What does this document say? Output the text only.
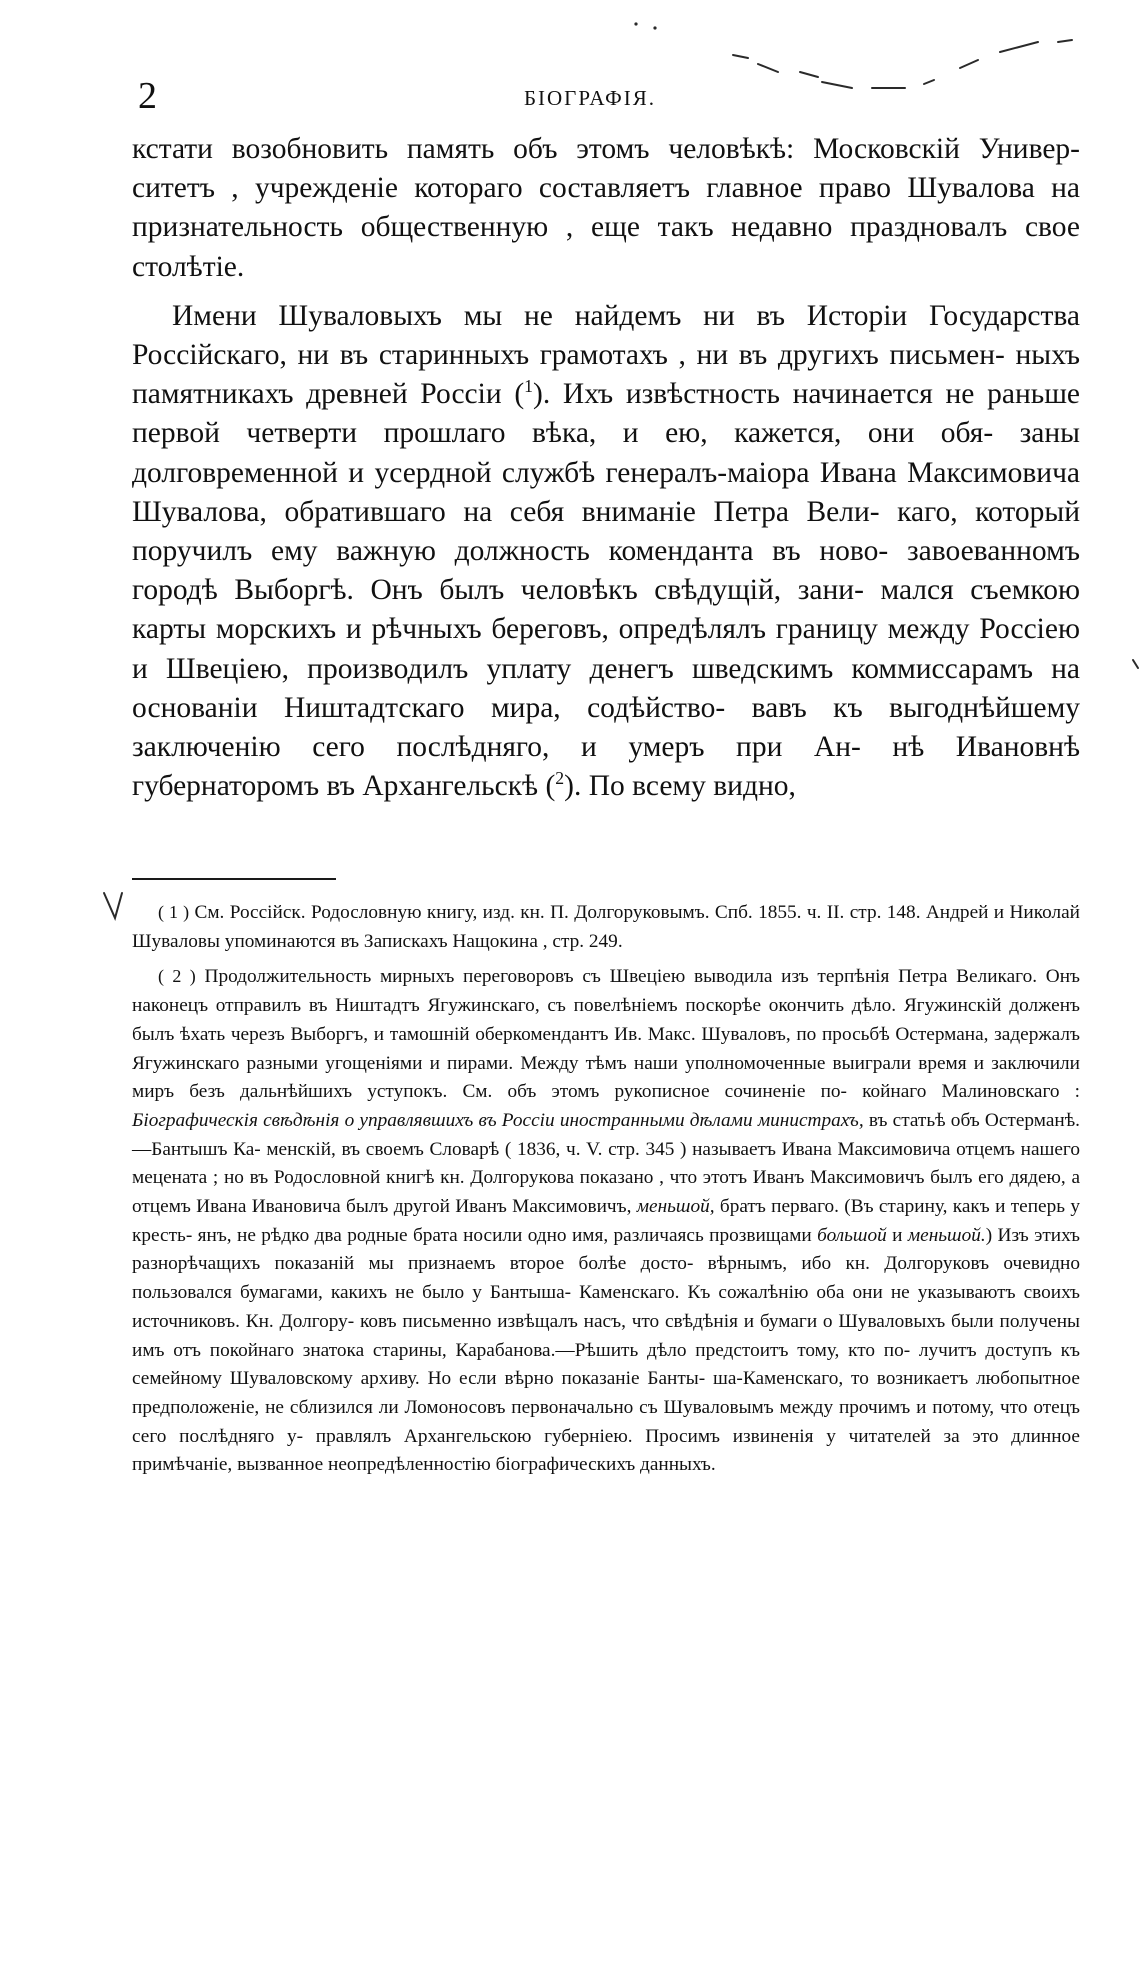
2	БІОГРАФІЯ.

кстати возобновить память объ этомъ человѣкѣ: Московскій Универ- ситетъ , учрежденіе котораго составляетъ главное право Шувалова на признательность общественную , еще такъ недавно праздновалъ свое столѣтіе.

Имени Шуваловыхъ мы не найдемъ ни въ Исторіи Государства Россійскаго, ни въ старинныхъ грамотахъ , ни въ другихъ письмен- ныхъ памятникахъ древней Россіи ($^1$). Ихъ извѣстность начинается не раньше первой четверти прошлаго вѣка, и ею, кажется, они обя- заны долговременной и усердной службѣ генералъ-маіора Ивана Максимовича Шувалова, обратившаго на себя вниманіе Петра Вели- каго, который поручилъ ему важную должность коменданта въ ново- завоеванномъ городѣ Выборгѣ. Онъ былъ человѣкъ свѣдущій, зани- мался съемкою карты морскихъ и рѣчныхъ береговъ, опредѣлялъ границу между Россіею и Швеціею, производилъ уплату денегъ шведскимъ коммиссарамъ на основаніи Ништадтскаго мира, содѣйство- вавъ къ выгоднѣйшему заключенію сего послѣдняго, и умеръ при Ан- нѣ Ивановнѣ губернаторомъ въ Архангельскѣ ($^2$). По всему видно,

( 1 ) См. Россійск. Родословную книгу, изд. кн. П. Долгоруковымъ. Спб. 1855. ч. II. стр. 148. Андрей и Николай Шуваловы упоминаются въ Запискахъ Нащокина , стр. 249.

( 2 ) Продолжительность мирныхъ переговоровъ съ Швеціею выводила изъ терпѣнія Петра Великаго. Онъ наконецъ отправилъ въ Ништадтъ Ягужинскаго, съ повелѣніемъ поскорѣе окончить дѣло. Ягужинскій долженъ былъ ѣхать черезъ Выборгъ, и тамошній оберкомендантъ Ив. Макс. Шуваловъ, по просьбѣ Остермана, задержалъ Ягужинскаго разными угощеніями и пирами. Между тѣмъ наши уполномоченные выиграли время и заключили миръ безъ дальнѣйшихъ уступокъ. См. объ этомъ рукописное сочиненіе по- койнаго Малиновскаго : Біографическія свѣдѣнія о управлявшихъ въ Россіи иностранными дѣлами министрахъ, въ статьѣ объ Остерманѣ.—Бантышъ Ка- менскій, въ своемъ Словарѣ ( 1836, ч. V. стр. 345 ) называетъ Ивана Максимовича отцемъ нашего мецената ; но въ Родословной книгѣ кн. Долгорукова показано , что этотъ Иванъ Максимовичъ былъ его дядею, а отцемъ Ивана Ивановича былъ другой Иванъ Максимовичъ, меньшой, братъ перваго. (Въ старину, какъ и теперь у кресть- янъ, не рѣдко два родные брата носили одно имя, различаясь прозвищами большой и меньшой.) Изъ этихъ разнорѣчащихъ показаній мы признаемъ второе болѣе досто- вѣрнымъ, ибо кн. Долгоруковъ очевидно пользовался бумагами, какихъ не было у Бантыша- Каменскаго. Къ сожалѣнію оба они не указываютъ своихъ источниковъ. Кн. Долгору- ковъ письменно извѣщалъ насъ, что свѣдѣнія и бумаги о Шуваловыхъ были получены имъ отъ покойнаго знатока старины, Карабанова.—Рѣшить дѣло предстоитъ тому, кто по- лучитъ доступъ къ семейному Шуваловскому архиву. Но если вѣрно показаніе Банты- ша-Каменскаго, то возникаетъ любопытное предположеніе, не сблизился ли Ломоносовъ первоначально съ Шуваловымъ между прочимъ и потому, что отецъ сего послѣдняго у- правлялъ Архангельскою губерніею. Просимъ извиненія у читателей за это длинное примѣчаніе, вызванное неопредѣленностію біографическихъ данныхъ.
